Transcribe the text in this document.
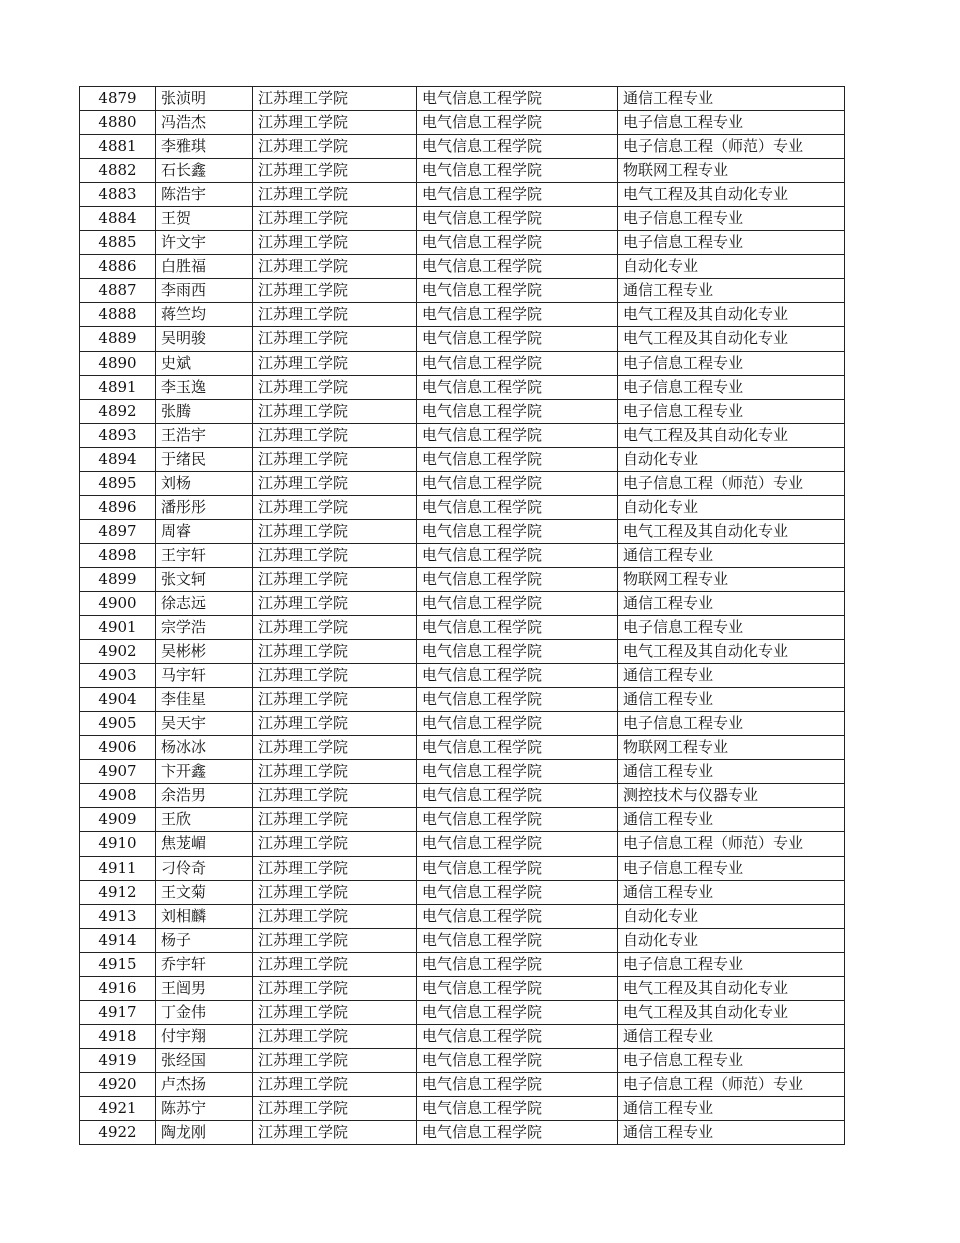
4879	张浈明	江苏理工学院	电气信息工程学院	通信工程专业
4880	冯浩杰	江苏理工学院	电气信息工程学院	电子信息工程专业
4881	李雅琪	江苏理工学院	电气信息工程学院	电子信息工程（师范）专业
4882	石长鑫	江苏理工学院	电气信息工程学院	物联网工程专业
4883	陈浩宇	江苏理工学院	电气信息工程学院	电气工程及其自动化专业
4884	王贺	江苏理工学院	电气信息工程学院	电子信息工程专业
4885	许文宇	江苏理工学院	电气信息工程学院	电子信息工程专业
4886	白胜福	江苏理工学院	电气信息工程学院	自动化专业
4887	李雨西	江苏理工学院	电气信息工程学院	通信工程专业
4888	蒋竺均	江苏理工学院	电气信息工程学院	电气工程及其自动化专业
4889	吴明骏	江苏理工学院	电气信息工程学院	电气工程及其自动化专业
4890	史斌	江苏理工学院	电气信息工程学院	电子信息工程专业
4891	李玉逸	江苏理工学院	电气信息工程学院	电子信息工程专业
4892	张腾	江苏理工学院	电气信息工程学院	电子信息工程专业
4893	王浩宇	江苏理工学院	电气信息工程学院	电气工程及其自动化专业
4894	于绪民	江苏理工学院	电气信息工程学院	自动化专业
4895	刘杨	江苏理工学院	电气信息工程学院	电子信息工程（师范）专业
4896	潘彤彤	江苏理工学院	电气信息工程学院	自动化专业
4897	周睿	江苏理工学院	电气信息工程学院	电气工程及其自动化专业
4898	王宇轩	江苏理工学院	电气信息工程学院	通信工程专业
4899	张文轲	江苏理工学院	电气信息工程学院	物联网工程专业
4900	徐志远	江苏理工学院	电气信息工程学院	通信工程专业
4901	宗学浩	江苏理工学院	电气信息工程学院	电子信息工程专业
4902	吴彬彬	江苏理工学院	电气信息工程学院	电气工程及其自动化专业
4903	马宇轩	江苏理工学院	电气信息工程学院	通信工程专业
4904	李佳星	江苏理工学院	电气信息工程学院	通信工程专业
4905	吴天宇	江苏理工学院	电气信息工程学院	电子信息工程专业
4906	杨冰冰	江苏理工学院	电气信息工程学院	物联网工程专业
4907	卞开鑫	江苏理工学院	电气信息工程学院	通信工程专业
4908	余浩男	江苏理工学院	电气信息工程学院	测控技术与仪器专业
4909	王欣	江苏理工学院	电气信息工程学院	通信工程专业
4910	焦茏嵋	江苏理工学院	电气信息工程学院	电子信息工程（师范）专业
4911	刁伶奇	江苏理工学院	电气信息工程学院	电子信息工程专业
4912	王文菊	江苏理工学院	电气信息工程学院	通信工程专业
4913	刘相麟	江苏理工学院	电气信息工程学院	自动化专业
4914	杨子	江苏理工学院	电气信息工程学院	自动化专业
4915	乔宇轩	江苏理工学院	电气信息工程学院	电子信息工程专业
4916	王闿男	江苏理工学院	电气信息工程学院	电气工程及其自动化专业
4917	丁金伟	江苏理工学院	电气信息工程学院	电气工程及其自动化专业
4918	付宇翔	江苏理工学院	电气信息工程学院	通信工程专业
4919	张经国	江苏理工学院	电气信息工程学院	电子信息工程专业
4920	卢杰扬	江苏理工学院	电气信息工程学院	电子信息工程（师范）专业
4921	陈苏宁	江苏理工学院	电气信息工程学院	通信工程专业
4922	陶龙刚	江苏理工学院	电气信息工程学院	通信工程专业
